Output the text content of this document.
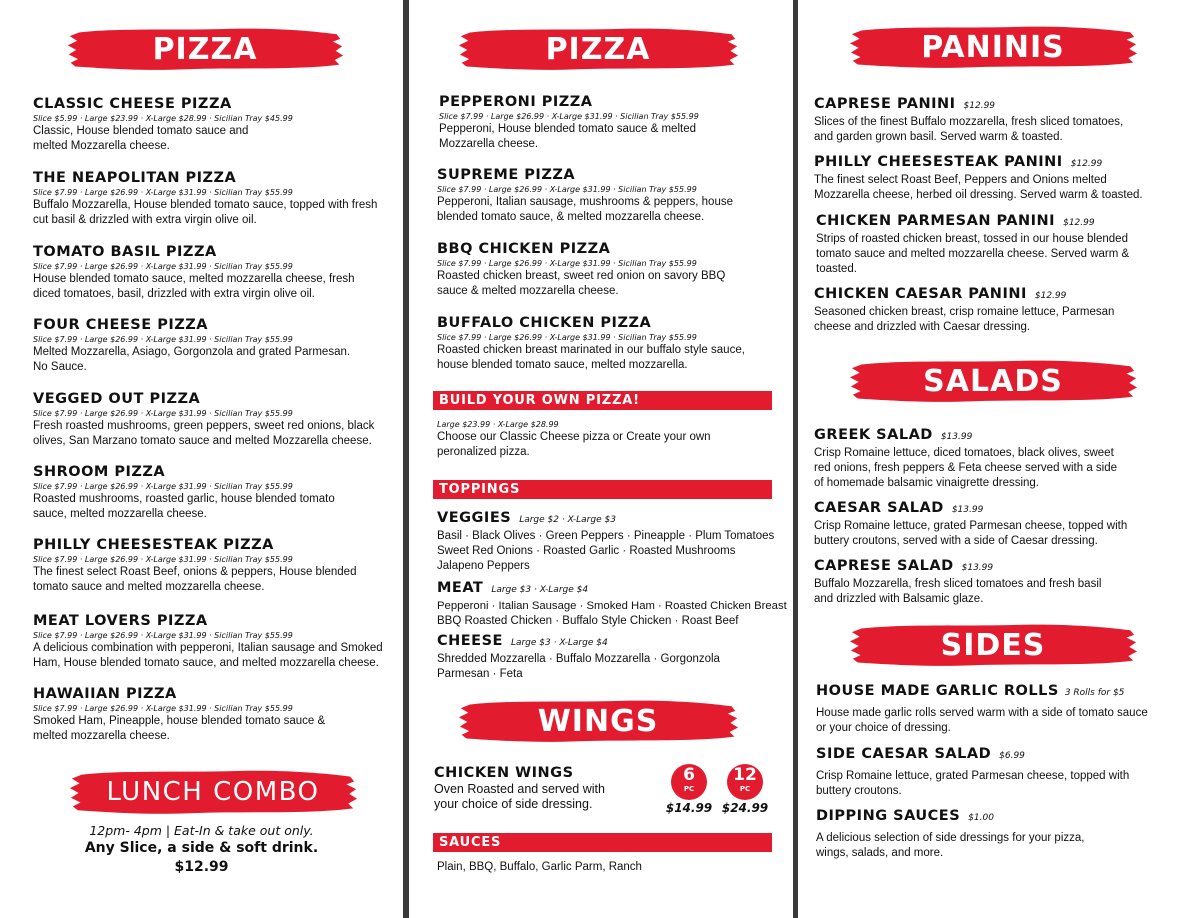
PIZZA
CLASSIC CHEESE PIZZA
Slice $5.99 · Large $23.99 · X-Large $28.99 · Sicilian Tray $45.99
Classic, House blended tomato sauce and melted Mozzarella cheese.
THE NEAPOLITAN PIZZA
Slice $7.99 · Large $26.99 · X-Large $31.99 · Sicilian Tray $55.99
Buffalo Mozzarella, House blended tomato sauce, topped with fresh cut basil & drizzled with extra virgin olive oil.
TOMATO BASIL PIZZA
Slice $7.99 · Large $26.99 · X-Large $31.99 · Sicilian Tray $55.99
House blended tomato sauce, melted mozzarella cheese, fresh diced tomatoes, basil, drizzled with extra virgin olive oil.
FOUR CHEESE PIZZA
Slice $7.99 · Large $26.99 · X-Large $31.99 · Sicilian Tray $55.99
Melted Mozzarella, Asiago, Gorgonzola and grated Parmesan. No Sauce.
VEGGED OUT PIZZA
Slice $7.99 · Large $26.99 · X-Large $31.99 · Sicilian Tray $55.99
Fresh roasted mushrooms, green peppers, sweet red onions, black olives, San Marzano tomato sauce and melted Mozzarella cheese.
SHROOM PIZZA
Slice $7.99 · Large $26.99 · X-Large $31.99 · Sicilian Tray $55.99
Roasted mushrooms, roasted garlic, house blended tomato sauce, melted mozzarella cheese.
PHILLY CHEESESTEAK PIZZA
Slice $7.99 · Large $26.99 · X-Large $31.99 · Sicilian Tray $55.99
The finest select Roast Beef, onions & peppers, House blended tomato sauce and melted mozzarella cheese.
MEAT LOVERS PIZZA
Slice $7.99 · Large $26.99 · X-Large $31.99 · Sicilian Tray $55.99
A delicious combination with pepperoni, Italian sausage and Smoked Ham, House blended tomato sauce, and melted mozzarella cheese.
HAWAIIAN PIZZA
Slice $7.99 · Large $26.99 · X-Large $31.99 · Sicilian Tray $55.99
Smoked Ham, Pineapple, house blended tomato sauce & melted mozzarella cheese.
LUNCH COMBO
12pm- 4pm | Eat-In & take out only.
Any Slice, a side & soft drink.
$12.99
PIZZA
PEPPERONI PIZZA
Slice $7.99 · Large $26.99 · X-Large $31.99 · Sicilian Tray $55.99
Pepperoni, House blended tomato sauce & melted Mozzarella cheese.
SUPREME PIZZA
Slice $7.99 · Large $26.99 · X-Large $31.99 · Sicilian Tray $55.99
Pepperoni, Italian sausage, mushrooms & peppers, house blended tomato sauce, & melted mozzarella cheese.
BBQ CHICKEN PIZZA
Slice $7.99 · Large $26.99 · X-Large $31.99 · Sicilian Tray $55.99
Roasted chicken breast, sweet red onion on savory BBQ sauce & melted mozzarella cheese.
BUFFALO CHICKEN PIZZA
Slice $7.99 · Large $26.99 · X-Large $31.99 · Sicilian Tray $55.99
Roasted chicken breast marinated in our buffalo style sauce, house blended tomato sauce, melted mozzarella.
BUILD YOUR OWN PIZZA!
Large $23.99 · X-Large $28.99
Choose our Classic Cheese pizza or Create your own peronalized pizza.
TOPPINGS
VEGGIES Large $2 · X-Large $3
Basil · Black Olives · Green Peppers · Pineapple · Plum Tomatoes
Sweet Red Onions · Roasted Garlic · Roasted Mushrooms
Jalapeno Peppers
MEAT Large $3 · X-Large $4
Pepperoni · Italian Sausage · Smoked Ham · Roasted Chicken Breast
BBQ Roasted Chicken · Buffalo Style Chicken · Roast Beef
CHEESE Large $3 · X-Large $4
Shredded Mozzarella · Buffalo Mozzarella · Gorgonzola
Parmesan · Feta
WINGS
CHICKEN WINGS
Oven Roasted and served with
your choice of side dressing.
6
PC
$14.99
12
PC
$24.99
SAUCES
Plain, BBQ, Buffalo, Garlic Parm, Ranch
PANINIS
CAPRESE PANINI $12.99
Slices of the finest Buffalo mozzarella, fresh sliced tomatoes, and garden grown basil. Served warm & toasted.
PHILLY CHEESESTEAK PANINI $12.99
The finest select Roast Beef, Peppers and Onions melted Mozzarella cheese, herbed oil dressing. Served warm & toasted.
CHICKEN PARMESAN PANINI $12.99
Strips of roasted chicken breast, tossed in our house blended tomato sauce and melted mozzarella cheese. Served warm & toasted.
CHICKEN CAESAR PANINI $12.99
Seasoned chicken breast, crisp romaine lettuce, Parmesan cheese and drizzled with Caesar dressing.
SALADS
GREEK SALAD $13.99
Crisp Romaine lettuce, diced tomatoes, black olives, sweet red onions, fresh peppers & Feta cheese served with a side of homemade balsamic vinaigrette dressing.
CAESAR SALAD $13.99
Crisp Romaine lettuce, grated Parmesan cheese, topped with buttery croutons, served with a side of Caesar dressing.
CAPRESE SALAD $13.99
Buffalo Mozzarella, fresh sliced tomatoes and fresh basil and drizzled with Balsamic glaze.
SIDES
HOUSE MADE GARLIC ROLLS 3 Rolls for $5
House made garlic rolls served warm with a side of tomato sauce or your choice of dressing.
SIDE CAESAR SALAD $6.99
Crisp Romaine lettuce, grated Parmesan cheese, topped with buttery croutons.
DIPPING SAUCES $1.00
A delicious selection of side dressings for your pizza, wings, salads, and more.
